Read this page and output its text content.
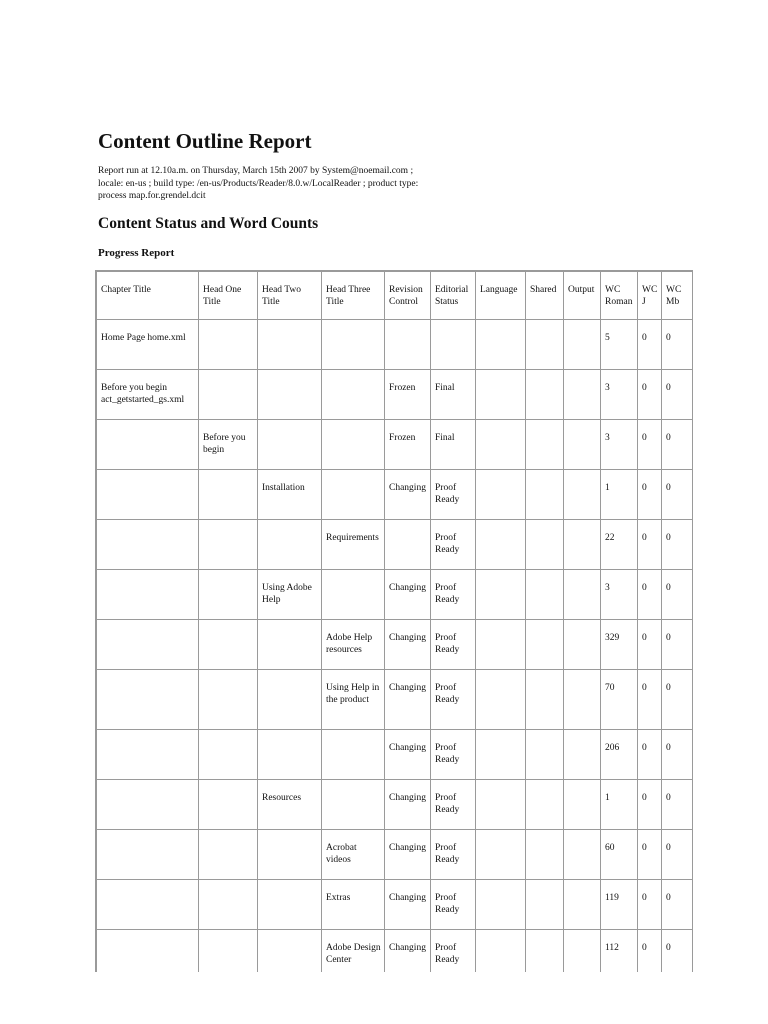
Content Outline Report
Report run at 12.10a.m. on Thursday, March 15th 2007 by System@noemail.com ;
locale: en-us ; build type: /en-us/Products/Reader/8.0.w/LocalReader ; product type:
process map.for.grendel.dcit
Content Status and Word Counts
Progress Report
Chapter Title	Head One Title	Head Two Title	Head Three Title	Revision Control	Editorial Status	Language	Shared	Output	WC Roman	WC J	WC Mb
Home Page home.xml									5	0	0
Before you begin act_getstarted_gs.xml				Frozen	Final				3	0	0
	Before you begin			Frozen	Final				3	0	0
		Installation		Changing	Proof Ready				1	0	0
			Requirements		Proof Ready				22	0	0
		Using Adobe Help		Changing	Proof Ready				3	0	0
			Adobe Help resources	Changing	Proof Ready				329	0	0
			Using Help in the product	Changing	Proof Ready				70	0	0
				Changing	Proof Ready				206	0	0
		Resources		Changing	Proof Ready				1	0	0
			Acrobat videos	Changing	Proof Ready				60	0	0
			Extras	Changing	Proof Ready				119	0	0
			Adobe Design Center	Changing	Proof Ready				112	0	0
